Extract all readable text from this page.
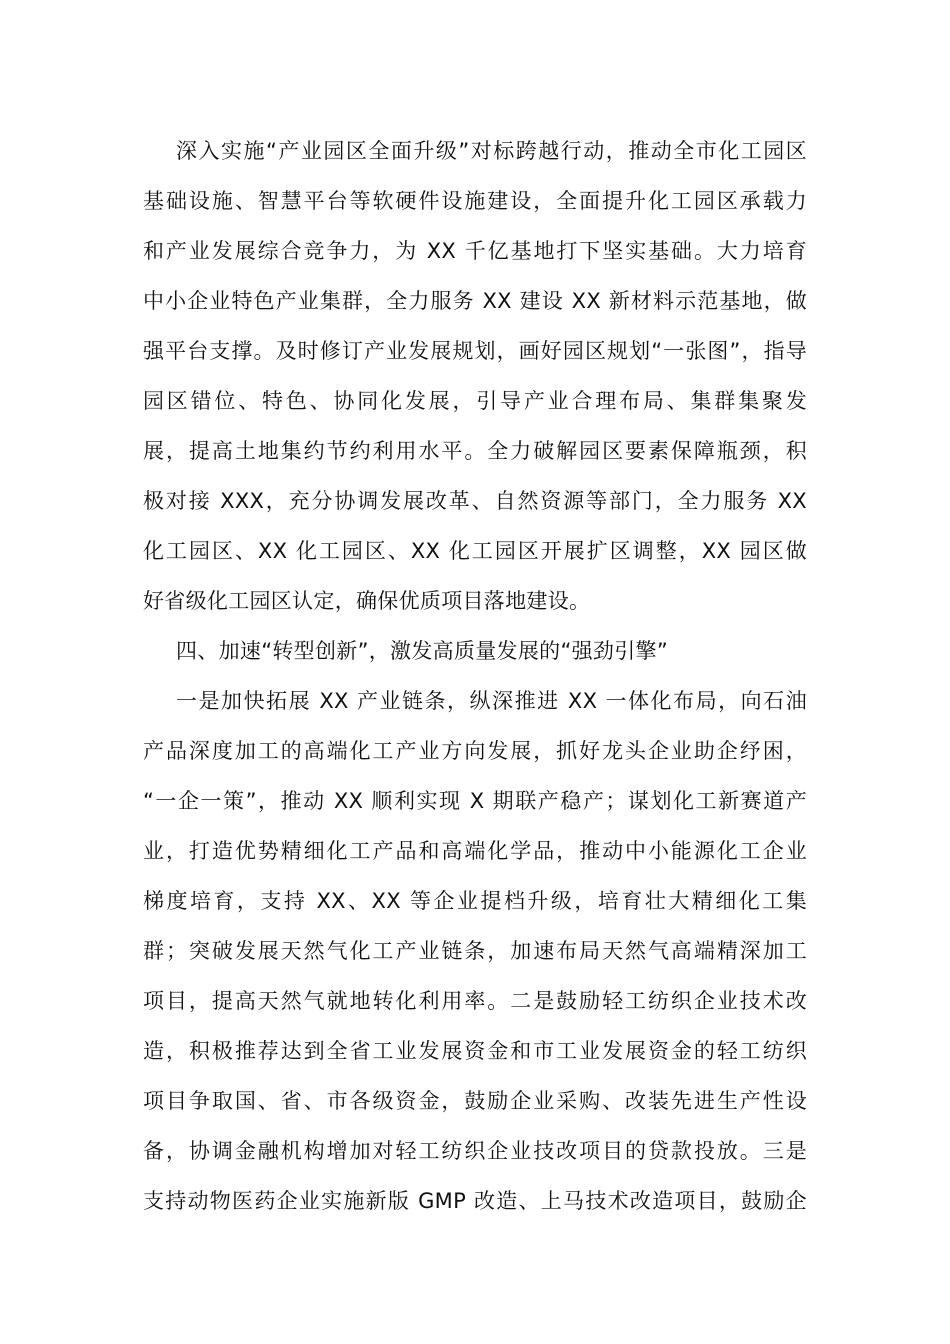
深入实施“产业园区全面升级”对标跨越行动，推动全市化工园区
基础设施、智慧平台等软硬件设施建设，全面提升化工园区承载力
和产业发展综合竞争力，为 XX 千亿基地打下坚实基础。大力培育
中小企业特色产业集群，全力服务 XX 建设 XX 新材料示范基地，做
强平台支撑。及时修订产业发展规划，画好园区规划“一张图”，指导
园区错位、特色、协同化发展，引导产业合理布局、集群集聚发
展，提高土地集约节约利用水平。全力破解园区要素保障瓶颈，积
极对接 XXX，充分协调发展改革、自然资源等部门，全力服务 XX
化工园区、XX 化工园区、XX 化工园区开展扩区调整，XX 园区做
好省级化工园区认定，确保优质项目落地建设。
四、加速“转型创新”，激发高质量发展的“强劲引擎”
一是加快拓展 XX 产业链条，纵深推进 XX 一体化布局，向石油
产品深度加工的高端化工产业方向发展，抓好龙头企业助企纾困，
“一企一策”，推动 XX 顺利实现 X 期联产稳产；谋划化工新赛道产
业，打造优势精细化工产品和高端化学品，推动中小能源化工企业
梯度培育，支持 XX、XX 等企业提档升级，培育壮大精细化工集
群；突破发展天然气化工产业链条，加速布局天然气高端精深加工
项目，提高天然气就地转化利用率。二是鼓励轻工纺织企业技术改
造，积极推荐达到全省工业发展资金和市工业发展资金的轻工纺织
项目争取国、省、市各级资金，鼓励企业采购、改装先进生产性设
备，协调金融机构增加对轻工纺织企业技改项目的贷款投放。三是
支持动物医药企业实施新版 GMP 改造、上马技术改造项目，鼓励企
